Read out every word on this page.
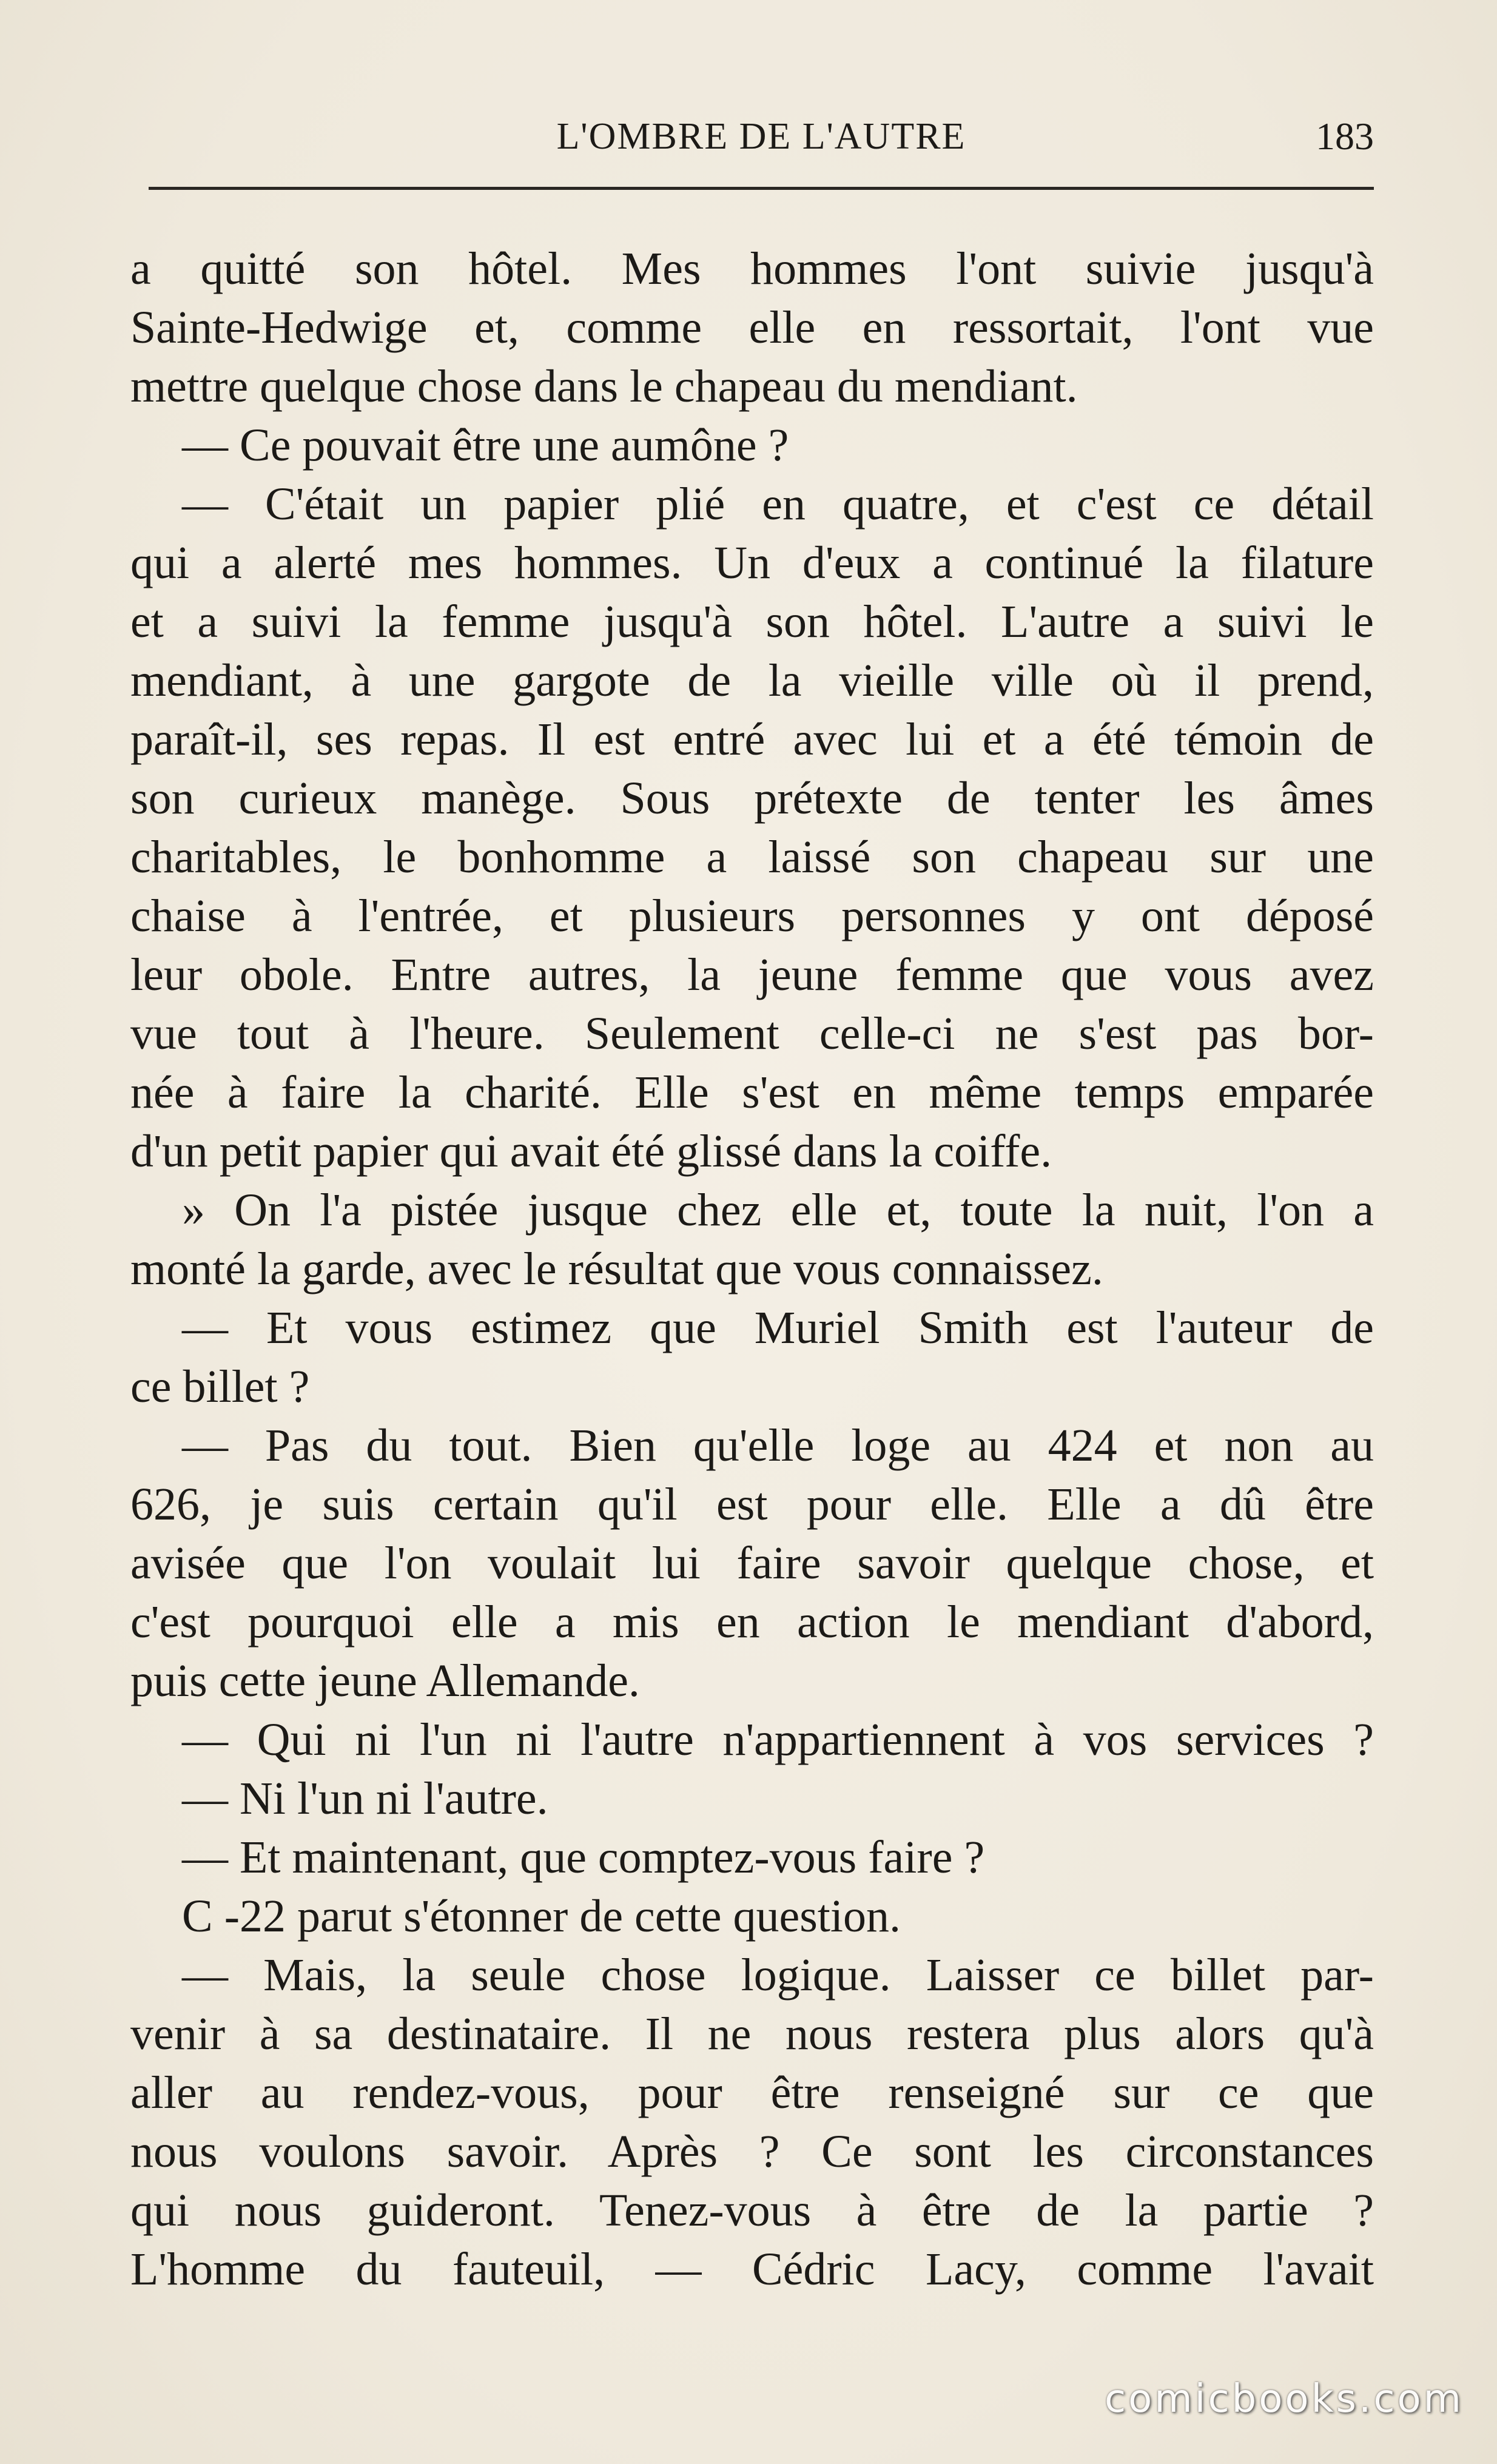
L'OMBRE DE L'AUTRE	183
a quitté son hôtel. Mes hommes l'ont suivie jusqu'à
Sainte-Hedwige et, comme elle en ressortait, l'ont vue
mettre quelque chose dans le chapeau du mendiant.
— Ce pouvait être une aumône ?
— C'était un papier plié en quatre, et c'est ce détail
qui a alerté mes hommes. Un d'eux a continué la filature
et a suivi la femme jusqu'à son hôtel. L'autre a suivi le
mendiant, à une gargote de la vieille ville où il prend,
paraît-il, ses repas. Il est entré avec lui et a été témoin de
son curieux manège. Sous prétexte de tenter les âmes
charitables, le bonhomme a laissé son chapeau sur une
chaise à l'entrée, et plusieurs personnes y ont déposé
leur obole. Entre autres, la jeune femme que vous avez
vue tout à l'heure. Seulement celle-ci ne s'est pas bor-
née à faire la charité. Elle s'est en même temps emparée
d'un petit papier qui avait été glissé dans la coiffe.
» On l'a pistée jusque chez elle et, toute la nuit, l'on a
monté la garde, avec le résultat que vous connaissez.
— Et vous estimez que Muriel Smith est l'auteur de
ce billet ?
— Pas du tout. Bien qu'elle loge au 424 et non au
626, je suis certain qu'il est pour elle. Elle a dû être
avisée que l'on voulait lui faire savoir quelque chose, et
c'est pourquoi elle a mis en action le mendiant d'abord,
puis cette jeune Allemande.
— Qui ni l'un ni l'autre n'appartiennent à vos services ?
— Ni l'un ni l'autre.
— Et maintenant, que comptez-vous faire ?
C -22 parut s'étonner de cette question.
— Mais, la seule chose logique. Laisser ce billet par-
venir à sa destinataire. Il ne nous restera plus alors qu'à
aller au rendez-vous, pour être renseigné sur ce que
nous voulons savoir. Après ? Ce sont les circonstances
qui nous guideront. Tenez-vous à être de la partie ?
L'homme du fauteuil, — Cédric Lacy, comme l'avait
comicbooks.com
